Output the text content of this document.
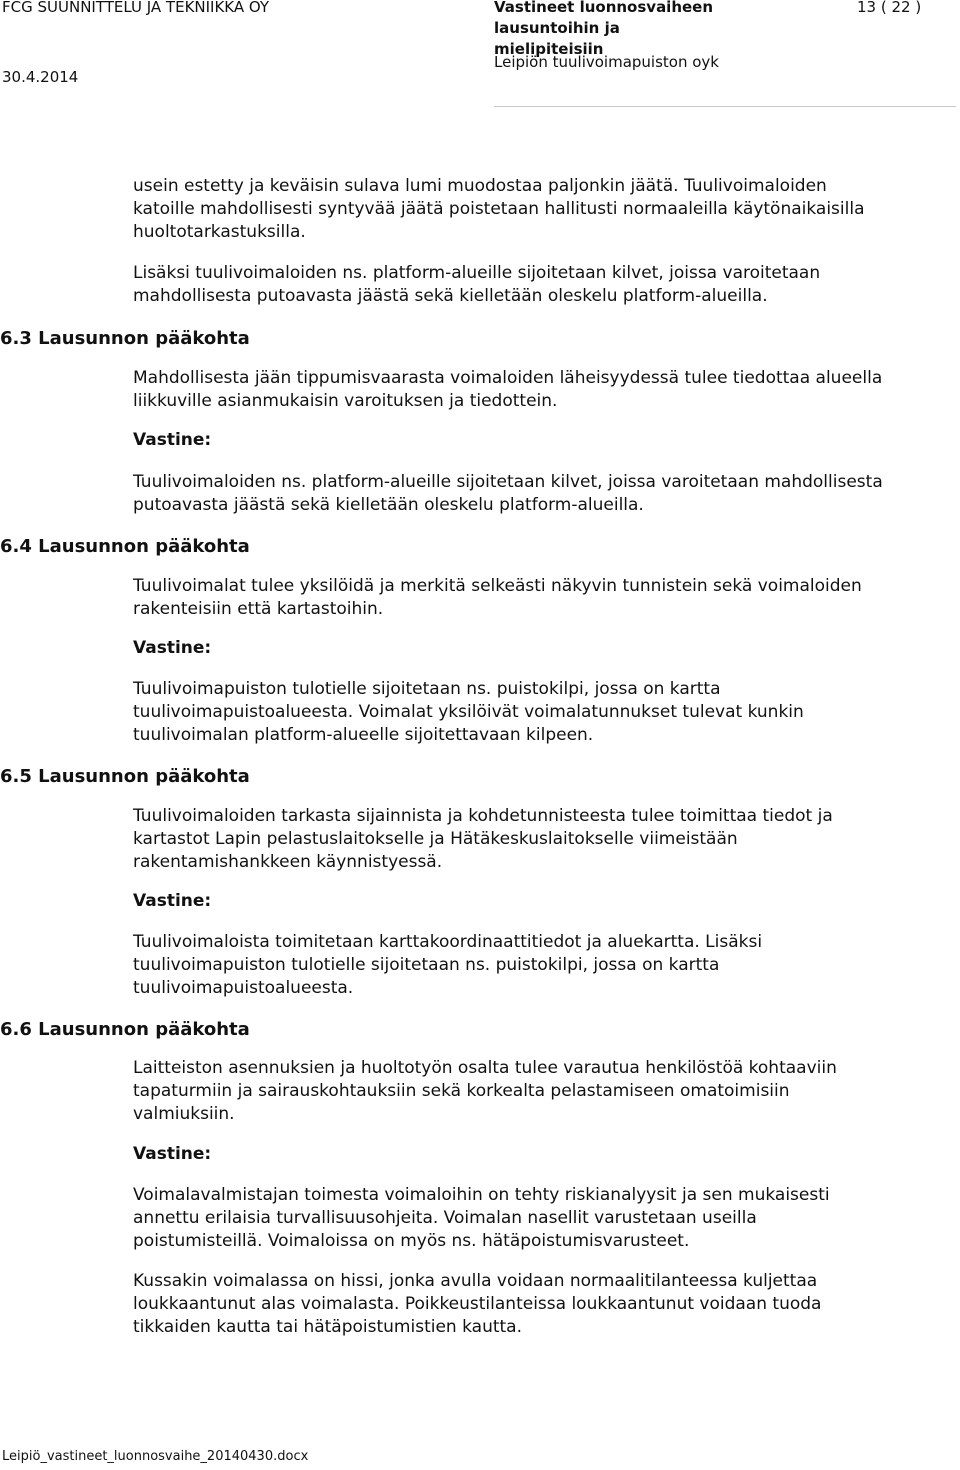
FCG SUUNNITTELU JA TEKNIIKKA OY
30.4.2014
Vastineet luonnosvaiheen
lausuntoihin ja
mielipiteisiin
Leipiön tuulivoimapuiston oyk
13 ( 22 )
usein estetty ja keväisin sulava lumi muodostaa paljonkin jäätä. Tuulivoimaloiden
katoille mahdollisesti syntyvää jäätä poistetaan hallitusti normaaleilla käytönaikaisilla
huoltotarkastuksilla.
Lisäksi tuulivoimaloiden ns. platform-alueille sijoitetaan kilvet, joissa varoitetaan
mahdollisesta putoavasta jäästä sekä kielletään oleskelu platform-alueilla.
6.3 Lausunnon pääkohta
Mahdollisesta jään tippumisvaarasta voimaloiden läheisyydessä tulee tiedottaa alueella
liikkuville asianmukaisin varoituksen ja tiedottein.
Vastine:
Tuulivoimaloiden ns. platform-alueille sijoitetaan kilvet, joissa varoitetaan mahdollisesta
putoavasta jäästä sekä kielletään oleskelu platform-alueilla.
6.4 Lausunnon pääkohta
Tuulivoimalat tulee yksilöidä ja merkitä selkeästi näkyvin tunnistein sekä voimaloiden
rakenteisiin että kartastoihin.
Vastine:
Tuulivoimapuiston tulotielle sijoitetaan ns. puistokilpi, jossa on kartta
tuulivoimapuistoalueesta. Voimalat yksilöivät voimalatunnukset tulevat kunkin
tuulivoimalan platform-alueelle sijoitettavaan kilpeen.
6.5 Lausunnon pääkohta
Tuulivoimaloiden tarkasta sijainnista ja kohdetunnisteesta tulee toimittaa tiedot ja
kartastot Lapin pelastuslaitokselle ja Hätäkeskuslaitokselle viimeistään
rakentamishankkeen käynnistyessä.
Vastine:
Tuulivoimaloista toimitetaan karttakoordinaattitiedot ja aluekartta. Lisäksi
tuulivoimapuiston tulotielle sijoitetaan ns. puistokilpi, jossa on kartta
tuulivoimapuistoalueesta.
6.6 Lausunnon pääkohta
Laitteiston asennuksien ja huoltotyön osalta tulee varautua henkilöstöä kohtaaviin
tapaturmiin ja sairauskohtauksiin sekä korkealta pelastamiseen omatoimisiin
valmiuksiin.
Vastine:
Voimalavalmistajan toimesta voimaloihin on tehty riskianalyysit ja sen mukaisesti
annettu erilaisia turvallisuusohjeita. Voimalan nasellit varustetaan useilla
poistumisteillä. Voimaloissa on myös ns. hätäpoistumisvarusteet.
Kussakin voimalassa on hissi, jonka avulla voidaan normaalitilanteessa kuljettaa
loukkaantunut alas voimalasta. Poikkeustilanteissa loukkaantunut voidaan tuoda
tikkaiden kautta tai hätäpoistumistien kautta.
Leipiö_vastineet_luonnosvaihe_20140430.docx
